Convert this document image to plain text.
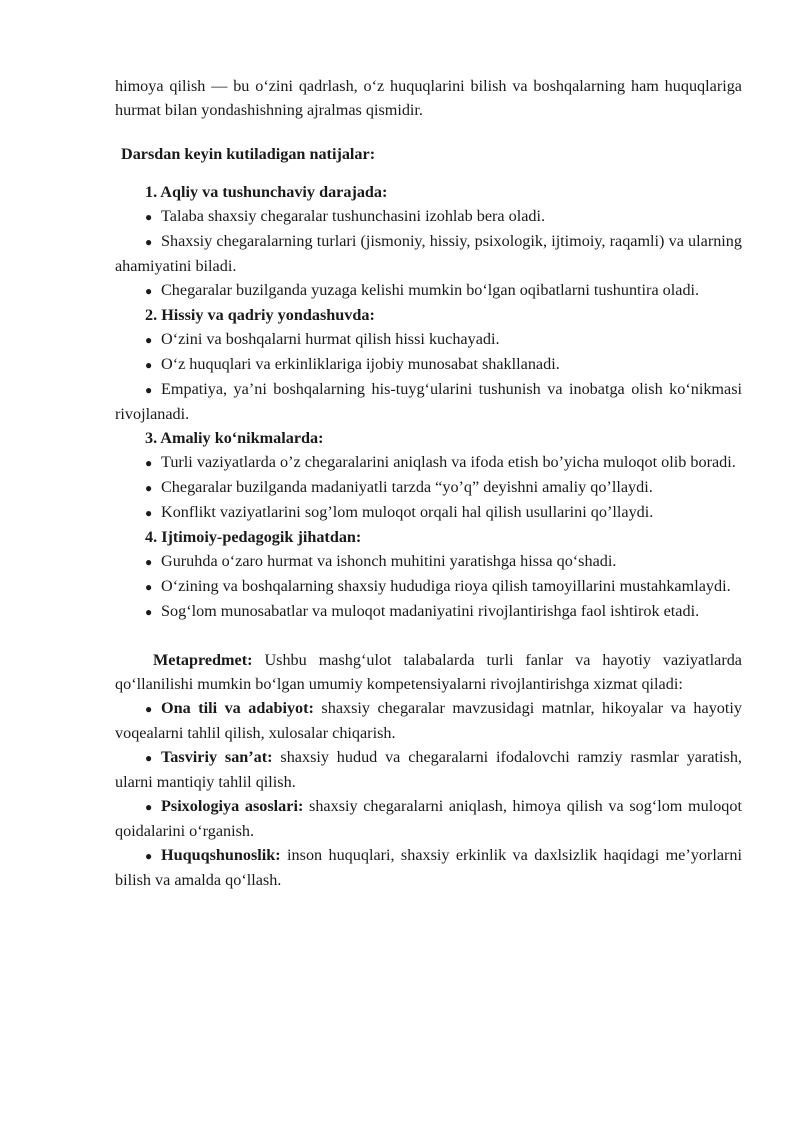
himoya qilish — bu o‘zini qadrlash, o‘z huquqlarini bilish va boshqalarning ham huquqlariga hurmat bilan yondashishning ajralmas qismidir.

Darsdan keyin kutiladigan natijalar:

1. Aqliy va tushunchaviy darajada:

● Talaba shaxsiy chegaralar tushunchasini izohlab bera oladi.

● Shaxsiy chegaralarning turlari (jismoniy, hissiy, psixologik, ijtimoiy, raqamli) va ularning ahamiyatini biladi.

● Chegaralar buzilganda yuzaga kelishi mumkin bo‘lgan oqibatlarni tushuntira oladi.

2. Hissiy va qadriy yondashuvda:

● O‘zini va boshqalarni hurmat qilish hissi kuchayadi.

● O‘z huquqlari va erkinliklariga ijobiy munosabat shakllanadi.

● Empatiya, ya’ni boshqalarning his-tuyg‘ularini tushunish va inobatga olish ko‘nikmasi rivojlanadi.

3. Amaliy ko‘nikmalarda:

● Turli vaziyatlarda o’z chegaralarini aniqlash va ifoda etish bo’yicha muloqot olib boradi.

● Chegaralar buzilganda madaniyatli tarzda “yo’q” deyishni amaliy qo’llaydi.

● Konflikt vaziyatlarini sog’lom muloqot orqali hal qilish usullarini qo’llaydi.

4. Ijtimoiy-pedagogik jihatdan:

● Guruhda o‘zaro hurmat va ishonch muhitini yaratishga hissa qo‘shadi.

● O‘zining va boshqalarning shaxsiy hududiga rioya qilish tamoyillarini mustahkamlaydi.

● Sog‘lom munosabatlar va muloqot madaniyatini rivojlantirishga faol ishtirok etadi.

Metapredmet: Ushbu mashg‘ulot talabalarda turli fanlar va hayotiy vaziyatlarda qo‘llanilishi mumkin bo‘lgan umumiy kompetensiyalarni rivojlantirishga xizmat qiladi:

● Ona tili va adabiyot: shaxsiy chegaralar mavzusidagi matnlar, hikoyalar va hayotiy voqealarni tahlil qilish, xulosalar chiqarish.

● Tasviriy san’at: shaxsiy hudud va chegaralarni ifodalovchi ramziy rasmlar yaratish, ularni mantiqiy tahlil qilish.

● Psixologiya asoslari: shaxsiy chegaralarni aniqlash, himoya qilish va sog‘lom muloqot qoidalarini o‘rganish.

● Huquqshunoslik: inson huquqlari, shaxsiy erkinlik va daxlsizlik haqidagi me’yorlarni bilish va amalda qo‘llash.
